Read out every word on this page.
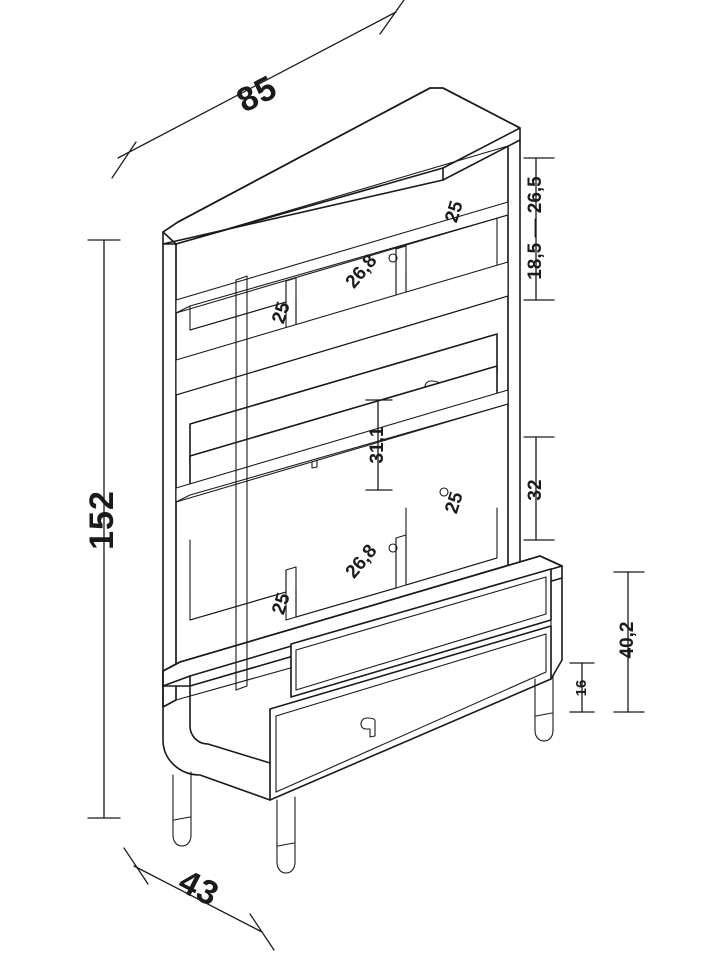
85
152
43
18,5 — 26,5
31,1
32
40,2
16
25
26,8
25
25
26,8
25
